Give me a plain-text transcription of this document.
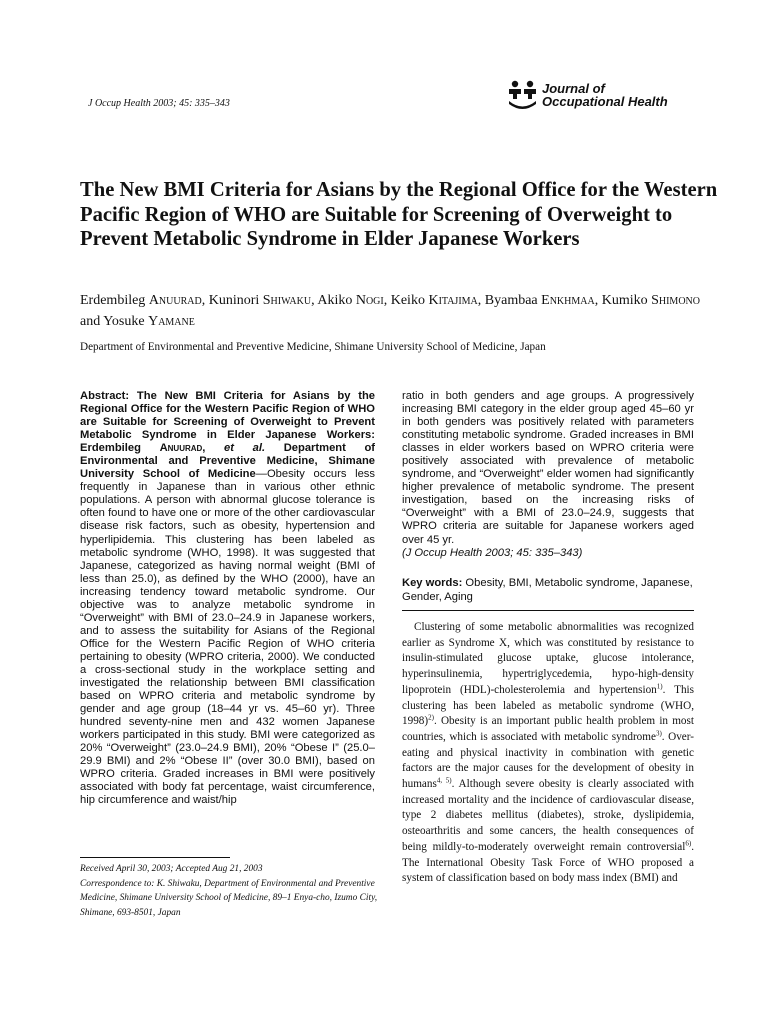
J Occup Health 2003; 45: 335–343
Journal of
Occupational Health
The New BMI Criteria for Asians by the Regional Office for the Western Pacific Region of WHO are Suitable for Screening of Overweight to Prevent Metabolic Syndrome in Elder Japanese Workers
Erdembileg Anuurad, Kuninori Shiwaku, Akiko Nogi, Keiko Kitajima, Byambaa Enkhmaa, Kumiko Shimono and Yosuke Yamane
Department of Environmental and Preventive Medicine, Shimane University School of Medicine, Japan
Abstract: The New BMI Criteria for Asians by the Regional Office for the Western Pacific Region of WHO are Suitable for Screening of Overweight to Prevent Metabolic Syndrome in Elder Japanese Workers: Erdembileg Anuurad, et al. Department of Environmental and Preventive Medicine, Shimane University School of Medicine—Obesity occurs less frequently in Japanese than in various other ethnic populations. A person with abnormal glucose tolerance is often found to have one or more of the other cardiovascular disease risk factors, such as obesity, hypertension and hyperlipidemia. This clustering has been labeled as metabolic syndrome (WHO, 1998). It was suggested that Japanese, categorized as having normal weight (BMI of less than 25.0), as defined by the WHO (2000), have an increasing tendency toward metabolic syndrome. Our objective was to analyze metabolic syndrome in “Overweight” with BMI of 23.0–24.9 in Japanese workers, and to assess the suitability for Asians of the Regional Office for the Western Pacific Region of WHO criteria pertaining to obesity (WPRO criteria, 2000). We conducted a cross-sectional study in the workplace setting and investigated the relationship between BMI classification based on WPRO criteria and metabolic syndrome by gender and age group (18–44 yr vs. 45–60 yr). Three hundred seventy-nine men and 432 women Japanese workers participated in this study. BMI were categorized as 20% “Overweight” (23.0–24.9 BMI), 20% “Obese I” (25.0–29.9 BMI) and 2% “Obese II” (over 30.0 BMI), based on WPRO criteria. Graded increases in BMI were positively associated with body fat percentage, waist circumference, hip circumference and waist/hip
ratio in both genders and age groups. A progressively increasing BMI category in the elder group aged 45–60 yr in both genders was positively related with parameters constituting metabolic syndrome. Graded increases in BMI classes in elder workers based on WPRO criteria were positively associated with prevalence of metabolic syndrome, and “Overweight” elder women had significantly higher prevalence of metabolic syndrome. The present investigation, based on the increasing risks of “Overweight” with a BMI of 23.0–24.9, suggests that WPRO criteria are suitable for Japanese workers aged over 45 yr.
(J Occup Health 2003; 45: 335–343)
Key words: Obesity, BMI, Metabolic syndrome, Japanese, Gender, Aging
Clustering of some metabolic abnormalities was recognized earlier as Syndrome X, which was constituted by resistance to insulin-stimulated glucose uptake, glucose intolerance, hyperinsulinemia, hypertriglycedemia, hypo-high-density lipoprotein (HDL)-cholesterolemia and hypertension$^{1)}$. This clustering has been labeled as metabolic syndrome (WHO, 1998)$^{2)}$. Obesity is an important public health problem in most countries, which is associated with metabolic syndrome$^{3)}$. Over-eating and physical inactivity in combination with genetic factors are the major causes for the development of obesity in humans$^{4, 5)}$. Although severe obesity is clearly associated with increased mortality and the incidence of cardiovascular disease, type 2 diabetes mellitus (diabetes), stroke, dyslipidemia, osteoarthritis and some cancers, the health consequences of being mildly-to-moderately overweight remain controversial$^{6)}$. The International Obesity Task Force of WHO proposed a system of classification based on body mass index (BMI) and
Received April 30, 2003; Accepted Aug 21, 2003
Correspondence to: K. Shiwaku, Department of Environmental and Preventive Medicine, Shimane University School of Medicine, 89–1 Enya-cho, Izumo City, Shimane, 693-8501, Japan
